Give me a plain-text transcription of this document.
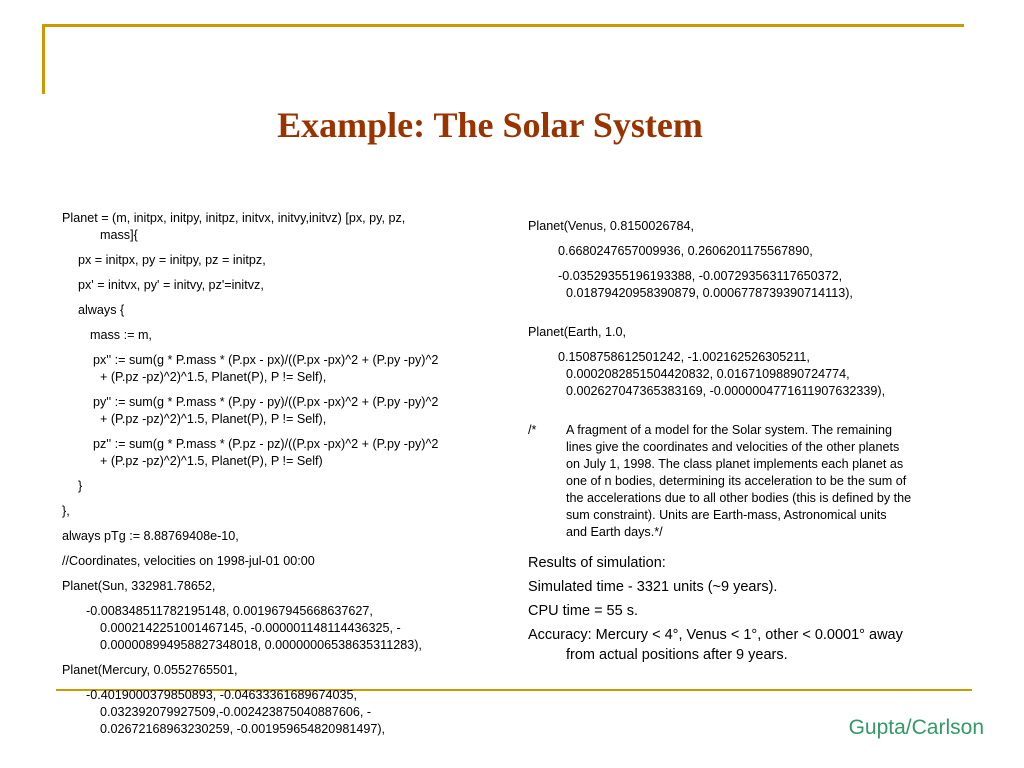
Example: The Solar System
Planet = (m, initpx, initpy, initpz, initvx, initvy,initvz) [px, py, pz,
mass]{
px = initpx, py = initpy, pz = initpz,
px' = initvx, py' = initvy, pz'=initvz,
always {
mass := m,
px'' := sum(g * P.mass * (P.px - px)/((P.px -px)^2 + (P.py -py)^2
+ (P.pz -pz)^2)^1.5, Planet(P), P != Self),
py'' := sum(g * P.mass * (P.py - py)/((P.px -px)^2 + (P.py -py)^2
+ (P.pz -pz)^2)^1.5, Planet(P), P != Self),
pz'' := sum(g * P.mass * (P.pz - pz)/((P.px -px)^2 + (P.py -py)^2
+ (P.pz -pz)^2)^1.5, Planet(P), P != Self)
}
},
always pTg := 8.88769408e-10,
//Coordinates, velocities on 1998-jul-01 00:00
Planet(Sun, 332981.78652,
-0.008348511782195148, 0.001967945668637627,
0.0002142251001467145, -0.000001148114436325, -
0.000008994958827348018, 0.00000006538635311283),
Planet(Mercury, 0.0552765501,
-0.4019000379850893, -0.04633361689674035,
0.032392079927509,-0.002423875040887606, -
0.02672168963230259, -0.001959654820981497),
Planet(Venus, 0.8150026784,
0.6680247657009936, 0.2606201175567890,
-0.03529355196193388, -0.007293563117650372,
0.01879420958390879, 0.0006778739390714113),
Planet(Earth, 1.0,
0.1508758612501242, -1.002162526305211,
0.0002082851504420832, 0.01671098890724774,
0.002627047365383169, -0.0000004771611907632339),
/*	A fragment of a model for the Solar system. The remaining
lines give the coordinates and velocities of the other planets
on July 1, 1998. The class planet implements each planet as
one of n bodies, determining its acceleration to be the sum of
the accelerations due to all other bodies (this is defined by the
sum constraint). Units are Earth-mass, Astronomical units
and Earth days.*/
Results of simulation:
Simulated time - 3321 units (~9 years).
CPU time = 55 s.
Accuracy: Mercury < 4°, Venus < 1°, other < 0.0001° away
from actual positions after 9 years.
Gupta/Carlson
